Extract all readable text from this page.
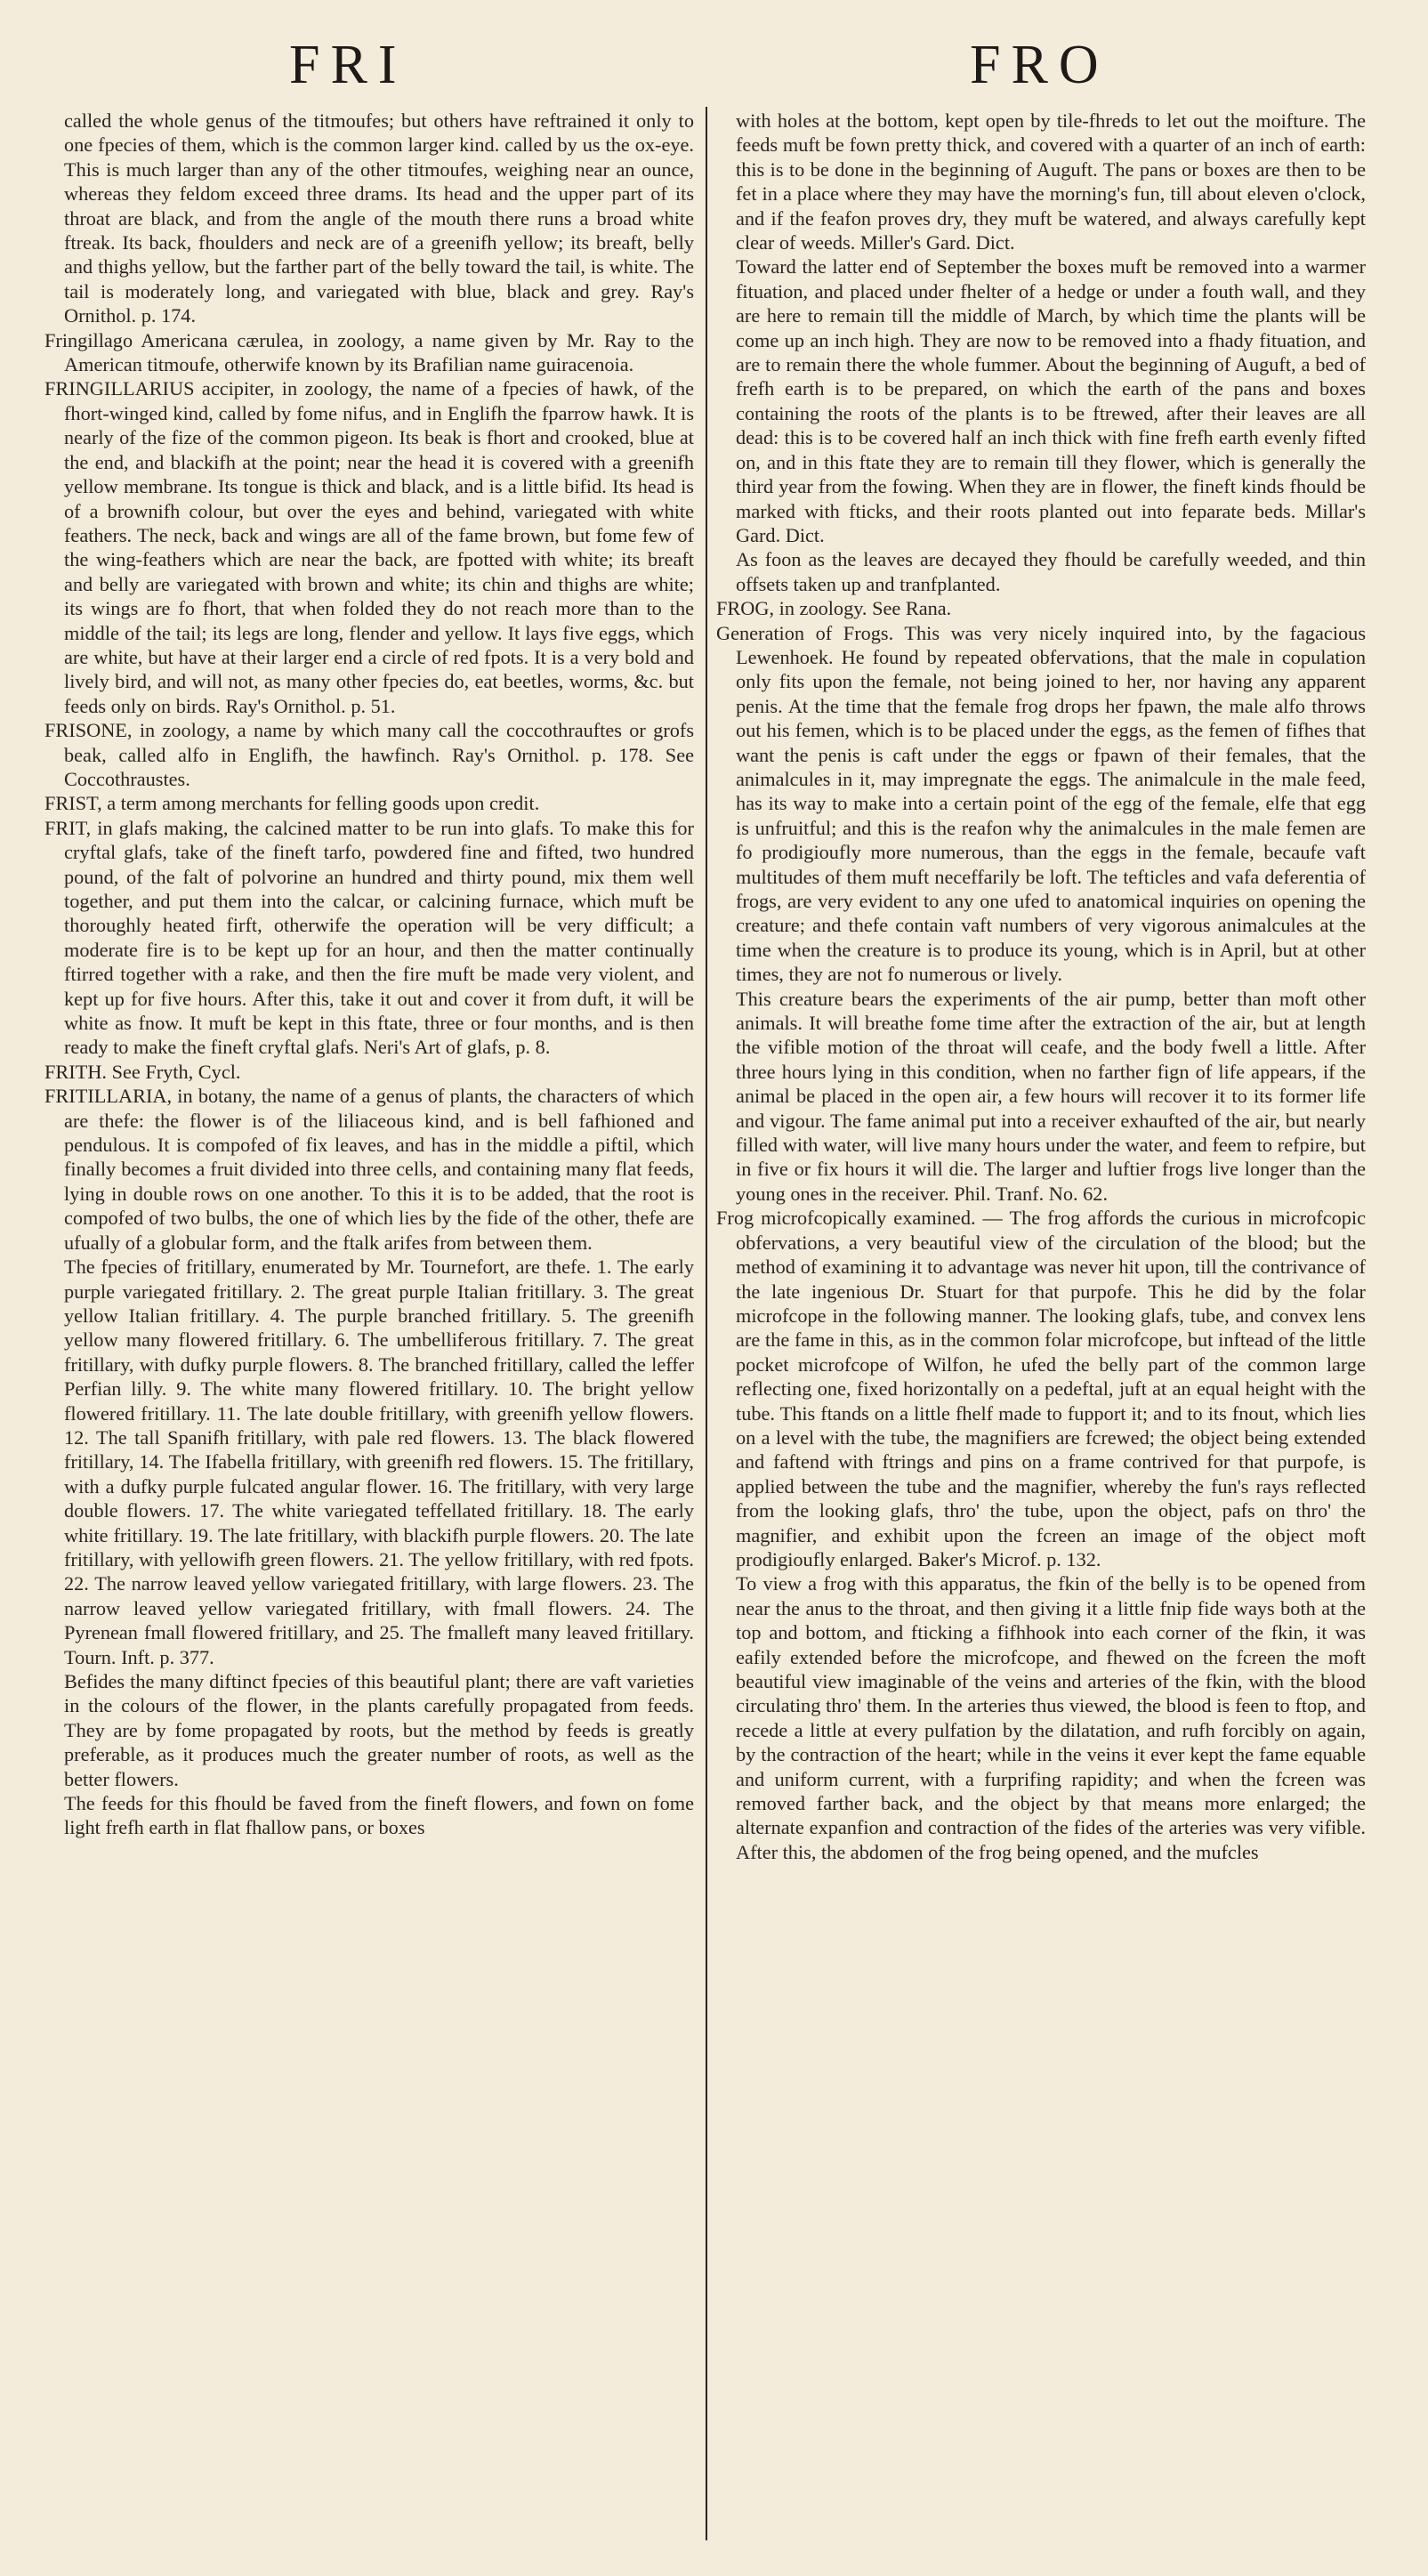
FRI	FRO

called the whole genus of the titmoufes; but others have reftrained it only to one fpecies of them, which is the common larger kind. called by us the ox-eye. This is much larger than any of the other titmoufes, weighing near an ounce, whereas they feldom exceed three drams. Its head and the upper part of its throat are black, and from the angle of the mouth there runs a broad white ftreak. Its back, fhoulders and neck are of a greenifh yellow; its breaft, belly and thighs yellow, but the farther part of the belly toward the tail, is white. The tail is moderately long, and variegated with blue, black and grey. Ray's Ornithol. p. 174.

Fringillago Americana cærulea, in zoology, a name given by Mr. Ray to the American titmoufe, otherwife known by its Brafilian name guiracenoia.

FRINGILLARIUS accipiter, in zoology, the name of a fpecies of hawk, of the fhort-winged kind, called by fome nifus, and in Englifh the fparrow hawk. It is nearly of the fize of the common pigeon. Its beak is fhort and crooked, blue at the end, and blackifh at the point; near the head it is covered with a greenifh yellow membrane. Its tongue is thick and black, and is a little bifid. Its head is of a brownifh colour, but over the eyes and behind, variegated with white feathers. The neck, back and wings are all of the fame brown, but fome few of the wing-feathers which are near the back, are fpotted with white; its breaft and belly are variegated with brown and white; its chin and thighs are white; its wings are fo fhort, that when folded they do not reach more than to the middle of the tail; its legs are long, flender and yellow. It lays five eggs, which are white, but have at their larger end a circle of red fpots. It is a very bold and lively bird, and will not, as many other fpecies do, eat beetles, worms, &c. but feeds only on birds. Ray's Ornithol. p. 51.

FRISONE, in zoology, a name by which many call the coccothrauftes or grofs beak, called alfo in Englifh, the hawfinch. Ray's Ornithol. p. 178. See Coccothraustes.

FRIST, a term among merchants for felling goods upon credit.

FRIT, in glafs making, the calcined matter to be run into glafs. To make this for cryftal glafs, take of the fineft tarfo, powdered fine and fifted, two hundred pound, of the falt of polvorine an hundred and thirty pound, mix them well together, and put them into the calcar, or calcining furnace, which muft be thoroughly heated firft, otherwife the operation will be very difficult; a moderate fire is to be kept up for an hour, and then the matter continually ftirred together with a rake, and then the fire muft be made very violent, and kept up for five hours. After this, take it out and cover it from duft, it will be white as fnow. It muft be kept in this ftate, three or four months, and is then ready to make the fineft cryftal glafs. Neri's Art of glafs, p. 8.

FRITH. See Fryth, Cycl.

FRITILLARIA, in botany, the name of a genus of plants, the characters of which are thefe: the flower is of the liliaceous kind, and is bell fafhioned and pendulous. It is compofed of fix leaves, and has in the middle a piftil, which finally becomes a fruit divided into three cells, and containing many flat feeds, lying in double rows on one another. To this it is to be added, that the root is compofed of two bulbs, the one of which lies by the fide of the other, thefe are ufually of a globular form, and the ftalk arifes from between them.

The fpecies of fritillary, enumerated by Mr. Tournefort, are thefe. 1. The early purple variegated fritillary. 2. The great purple Italian fritillary. 3. The great yellow Italian fritillary. 4. The purple branched fritillary. 5. The greenifh yellow many flowered fritillary. 6. The umbelliferous fritillary. 7. The great fritillary, with dufky purple flowers. 8. The branched fritillary, called the leffer Perfian lilly. 9. The white many flowered fritillary. 10. The bright yellow flowered fritillary. 11. The late double fritillary, with greenifh yellow flowers. 12. The tall Spanifh fritillary, with pale red flowers. 13. The black flowered fritillary, 14. The Ifabella fritillary, with greenifh red flowers. 15. The fritillary, with a dufky purple fulcated angular flower. 16. The fritillary, with very large double flowers. 17. The white variegated teffellated fritillary. 18. The early white fritillary. 19. The late fritillary, with blackifh purple flowers. 20. The late fritillary, with yellowifh green flowers. 21. The yellow fritillary, with red fpots. 22. The narrow leaved yellow variegated fritillary, with large flowers. 23. The narrow leaved yellow variegated fritillary, with fmall flowers. 24. The Pyrenean fmall flowered fritillary, and 25. The fmalleft many leaved fritillary. Tourn. Inft. p. 377.

Befides the many diftinct fpecies of this beautiful plant; there are vaft varieties in the colours of the flower, in the plants carefully propagated from feeds. They are by fome propagated by roots, but the method by feeds is greatly preferable, as it produces much the greater number of roots, as well as the better flowers.

The feeds for this fhould be faved from the fineft flowers, and fown on fome light frefh earth in flat fhallow pans, or boxes

with holes at the bottom, kept open by tile-fhreds to let out the moifture. The feeds muft be fown pretty thick, and covered with a quarter of an inch of earth: this is to be done in the beginning of Auguft. The pans or boxes are then to be fet in a place where they may have the morning's fun, till about eleven o'clock, and if the feafon proves dry, they muft be watered, and always carefully kept clear of weeds. Miller's Gard. Dict.

Toward the latter end of September the boxes muft be removed into a warmer fituation, and placed under fhelter of a hedge or under a fouth wall, and they are here to remain till the middle of March, by which time the plants will be come up an inch high. They are now to be removed into a fhady fituation, and are to remain there the whole fummer. About the beginning of Auguft, a bed of frefh earth is to be prepared, on which the earth of the pans and boxes containing the roots of the plants is to be ftrewed, after their leaves are all dead: this is to be covered half an inch thick with fine frefh earth evenly fifted on, and in this ftate they are to remain till they flower, which is generally the third year from the fowing. When they are in flower, the fineft kinds fhould be marked with fticks, and their roots planted out into feparate beds. Millar's Gard. Dict.

As foon as the leaves are decayed they fhould be carefully weeded, and thin offsets taken up and tranfplanted.

FROG, in zoology. See Rana.

Generation of Frogs. This was very nicely inquired into, by the fagacious Lewenhoek. He found by repeated obfervations, that the male in copulation only fits upon the female, not being joined to her, nor having any apparent penis. At the time that the female frog drops her fpawn, the male alfo throws out his femen, which is to be placed under the eggs, as the femen of fifhes that want the penis is caft under the eggs or fpawn of their females, that the animalcules in it, may impregnate the eggs. The animalcule in the male feed, has its way to make into a certain point of the egg of the female, elfe that egg is unfruitful; and this is the reafon why the animalcules in the male femen are fo prodigioufly more numerous, than the eggs in the female, becaufe vaft multitudes of them muft neceffarily be loft. The tefticles and vafa deferentia of frogs, are very evident to any one ufed to anatomical inquiries on opening the creature; and thefe contain vaft numbers of very vigorous animalcules at the time when the creature is to produce its young, which is in April, but at other times, they are not fo numerous or lively.

This creature bears the experiments of the air pump, better than moft other animals. It will breathe fome time after the extraction of the air, but at length the vifible motion of the throat will ceafe, and the body fwell a little. After three hours lying in this condition, when no farther fign of life appears, if the animal be placed in the open air, a few hours will recover it to its former life and vigour. The fame animal put into a receiver exhaufted of the air, but nearly filled with water, will live many hours under the water, and feem to refpire, but in five or fix hours it will die. The larger and luftier frogs live longer than the young ones in the receiver. Phil. Tranf. No. 62.

Frog microfcopically examined. — The frog affords the curious in microfcopic obfervations, a very beautiful view of the circulation of the blood; but the method of examining it to advantage was never hit upon, till the contrivance of the late ingenious Dr. Stuart for that purpofe. This he did by the folar microfcope in the following manner. The looking glafs, tube, and convex lens are the fame in this, as in the common folar microfcope, but inftead of the little pocket microfcope of Wilfon, he ufed the belly part of the common large reflecting one, fixed horizontally on a pedeftal, juft at an equal height with the tube. This ftands on a little fhelf made to fupport it; and to its fnout, which lies on a level with the tube, the magnifiers are fcrewed; the object being extended and faftend with ftrings and pins on a frame contrived for that purpofe, is applied between the tube and the magnifier, whereby the fun's rays reflected from the looking glafs, thro' the tube, upon the object, pafs on thro' the magnifier, and exhibit upon the fcreen an image of the object moft prodigioufly enlarged. Baker's Microf. p. 132.

To view a frog with this apparatus, the fkin of the belly is to be opened from near the anus to the throat, and then giving it a little fnip fide ways both at the top and bottom, and fticking a fifhhook into each corner of the fkin, it was eafily extended before the microfcope, and fhewed on the fcreen the moft beautiful view imaginable of the veins and arteries of the fkin, with the blood circulating thro' them. In the arteries thus viewed, the blood is feen to ftop, and recede a little at every pulfation by the dilatation, and rufh forcibly on again, by the contraction of the heart; while in the veins it ever kept the fame equable and uniform current, with a furprifing rapidity; and when the fcreen was removed farther back, and the object by that means more enlarged; the alternate expanfion and contraction of the fides of the arteries was very vifible. After this, the abdomen of the frog being opened, and the mufcles
